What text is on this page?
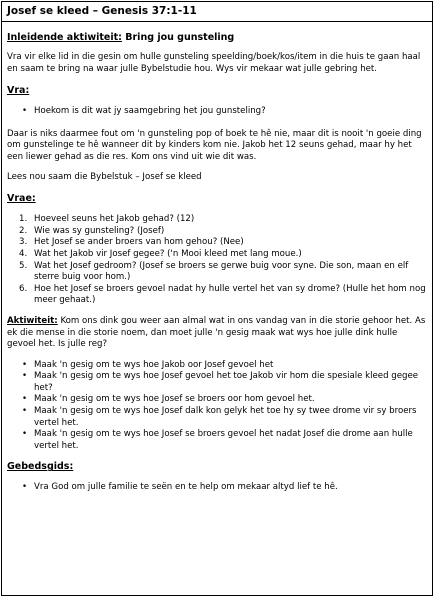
Josef se kleed – Genesis 37:1-11
Inleidende aktiwiteit: Bring jou gunsteling

Vra vir elke lid in die gesin om hulle gunsteling speelding/boek/kos/item in die huis te gaan haal en saam te bring na waar julle Bybelstudie hou. Wys vir mekaar wat julle gebring het.

Vra:
• Hoekom is dit wat jy saamgebring het jou gunsteling?

Daar is niks daarmee fout om 'n gunsteling pop of boek te hê nie, maar dit is nooit 'n goeie ding om gunstelinge te hê wanneer dit by kinders kom nie. Jakob het 12 seuns gehad, maar hy het een liewer gehad as die res. Kom ons vind uit wie dit was.

Lees nou saam die Bybelstuk – Josef se kleed

Vrae:
1. Hoeveel seuns het Jakob gehad? (12)
2. Wie was sy gunsteling? (Josef)
3. Het Josef se ander broers van hom gehou? (Nee)
4. Wat het Jakob vir Josef gegee? ('n Mooi kleed met lang moue.)
5. Wat het Josef gedroom? (Josef se broers se gerwe buig voor syne. Die son, maan en elf sterre buig voor hom.)
6. Hoe het Josef se broers gevoel nadat hy hulle vertel het van sy drome? (Hulle het hom nog meer gehaat.)

Aktiwiteit: Kom ons dink gou weer aan almal wat in ons vandag van in die storie gehoor het. As ek die mense in die storie noem, dan moet julle 'n gesig maak wat wys hoe julle dink hulle gevoel het. Is julle reg?

• Maak 'n gesig om te wys hoe Jakob oor Josef gevoel het
• Maak 'n gesig om te wys hoe Josef gevoel het toe Jakob vir hom die spesiale kleed gegee het?
• Maak 'n gesig om te wys hoe Josef se broers oor hom gevoel het.
• Maak 'n gesig om te wys hoe Josef dalk kon gelyk het toe hy sy twee drome vir sy broers vertel het.
• Maak 'n gesig om te wys hoe Josef se broers gevoel het nadat Josef die drome aan hulle vertel het.
Gebedsgids:
• Vra God om julle familie te seën en te help om mekaar altyd lief te hê.
